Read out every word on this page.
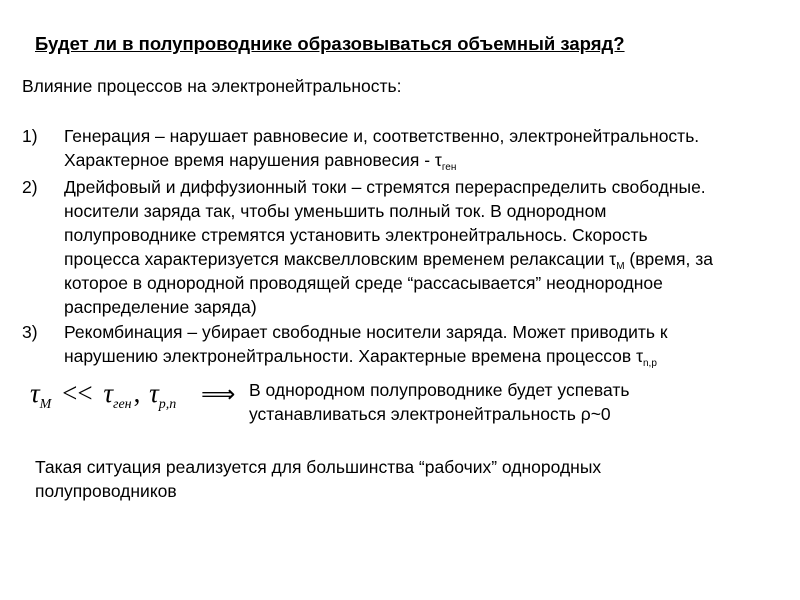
Будет ли в полупроводнике образовываться объемный заряд?
Влияние процессов на электронейтральность:
1) Генерация – нарушает равновесие и, соответственно, электронейтральность.
Характерное время нарушения равновесия - $\tau_{ген}$
2) Дрейфовый и диффузионный токи – стремятся перераспределить свободные.
носители заряда так, чтобы уменьшить полный ток. В однородном
полупроводнике стремятся установить электронейтральнось. Скорость
процесса характеризуется максвелловским временем релаксации $\tau_M$ (время, за
которое в однородной проводящей среде “рассасывается” неоднородное
распределение заряда)
3) Рекомбинация – убирает свободные носители заряда. Может приводить к
нарушению электронейтральности. Характерные времена процессов $\tau_{n,p}$
$\tau_M << \tau_{ген}$, $\tau_{p,n}$ ⟹ В однородном полупроводнике будет успевать
устанавливаться электронейтральность ρ~0
Такая ситуация реализуется для большинства “рабочих” однородных
полупроводников
